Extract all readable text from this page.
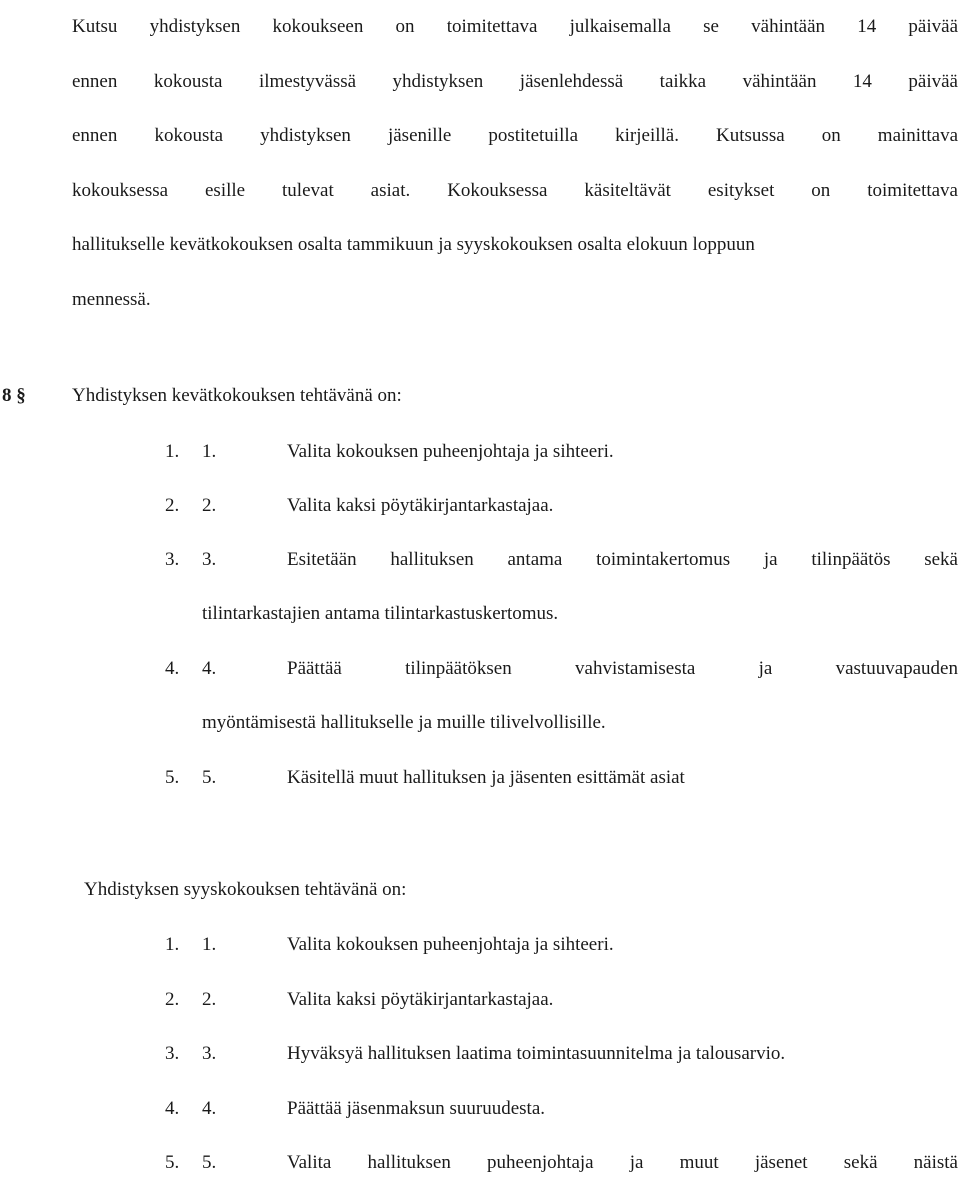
Kutsu yhdistyksen kokoukseen on toimitettava julkaisemalla se vähintään 14 päivää
ennen kokousta ilmestyvässä yhdistyksen jäsenlehdessä taikka vähintään 14 päivää
ennen kokousta yhdistyksen jäsenille postitetuilla kirjeillä. Kutsussa on mainittava
kokouksessa esille tulevat asiat. Kokouksessa käsiteltävät esitykset on toimitettava
hallitukselle kevätkokouksen osalta tammikuun ja syyskokouksen osalta elokuun loppuun
mennessä.
8 § Yhdistyksen kevätkokouksen tehtävänä on:
1. 1.	Valita kokouksen puheenjohtaja ja sihteeri.
2. 2.	Valita kaksi pöytäkirjantarkastajaa.
3. 3.	Esitetään hallituksen antama toimintakertomus ja tilinpäätös sekä
tilintarkastajien antama tilintarkastuskertomus.
4. 4.	Päättää tilinpäätöksen vahvistamisesta ja vastuuvapauden
myöntämisestä hallitukselle ja muille tilivelvollisille.
5. 5.	Käsitellä muut hallituksen ja jäsenten esittämät asiat
Yhdistyksen syyskokouksen tehtävänä on:
1. 1.	Valita kokouksen puheenjohtaja ja sihteeri.
2. 2.	Valita kaksi pöytäkirjantarkastajaa.
3. 3.	Hyväksyä hallituksen laatima toimintasuunnitelma ja talousarvio.
4. 4.	Päättää jäsenmaksun suuruudesta.
5. 5.	Valita hallituksen puheenjohtaja ja muut jäsenet sekä näistä
